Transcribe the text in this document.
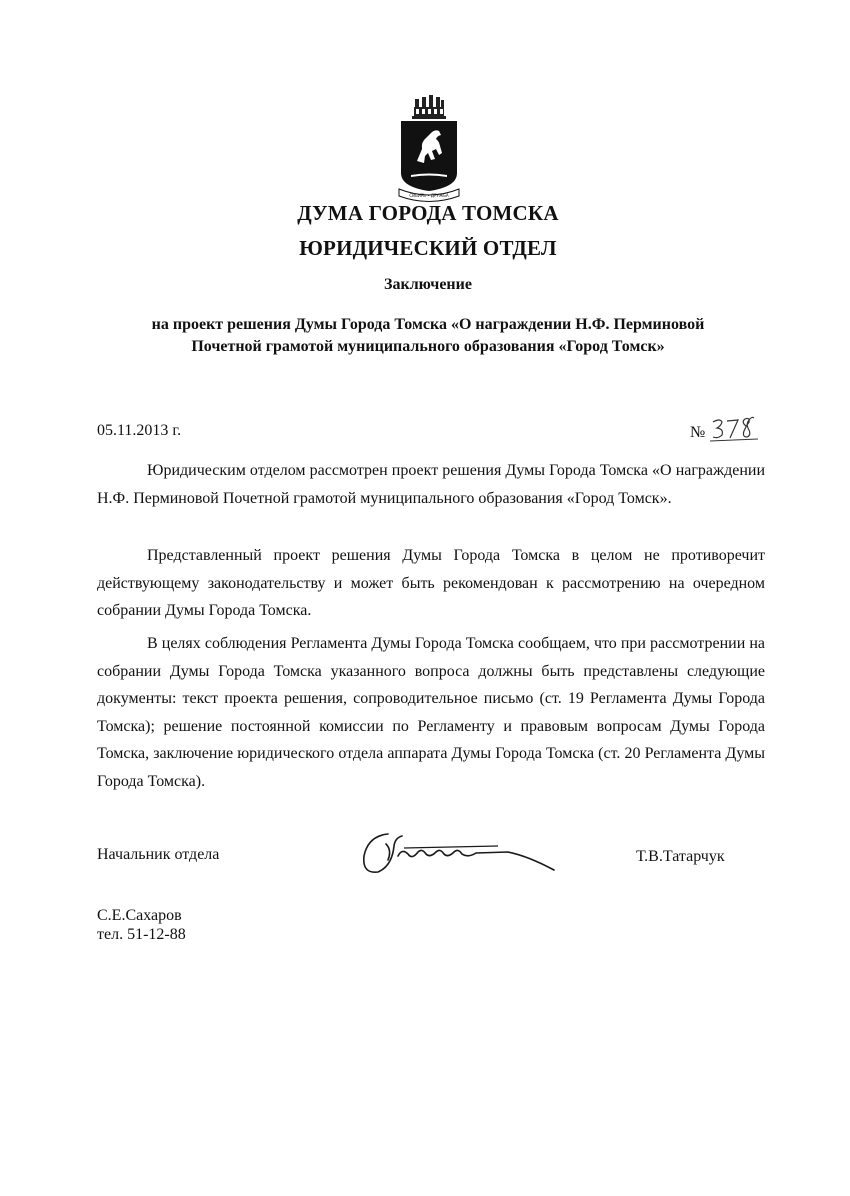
СИБИРЬ • ДРУЖБА
ДУМА ГОРОДА ТОМСКА
ЮРИДИЧЕСКИЙ ОТДЕЛ
Заключение
на проект решения Думы Города Томска «О награждении Н.Ф. Перминовой
Почетной грамотой муниципального образования «Город Томск»
05.11.2013 г.	№

Юридическим отделом рассмотрен проект решения Думы Города Томска «О награждении Н.Ф. Перминовой Почетной грамотой муниципального образования «Город Томск».

Представленный проект решения Думы Города Томска в целом не противоречит действующему законодательству и может быть рекомендован к рассмотрению на очередном собрании Думы Города Томска.

В целях соблюдения Регламента Думы Города Томска сообщаем, что при рассмотрении на собрании Думы Города Томска указанного вопроса должны быть представлены следующие документы: текст проекта решения, сопроводительное письмо (ст. 19 Регламента Думы Города Томска); решение постоянной комиссии по Регламенту и правовым вопросам Думы Города Томска, заключение юридического отдела аппарата Думы Города Томска (ст. 20 Регламента Думы Города Томска).

Начальник отдела	Т.В.Татарчук
С.Е.Сахаров
тел. 51-12-88
